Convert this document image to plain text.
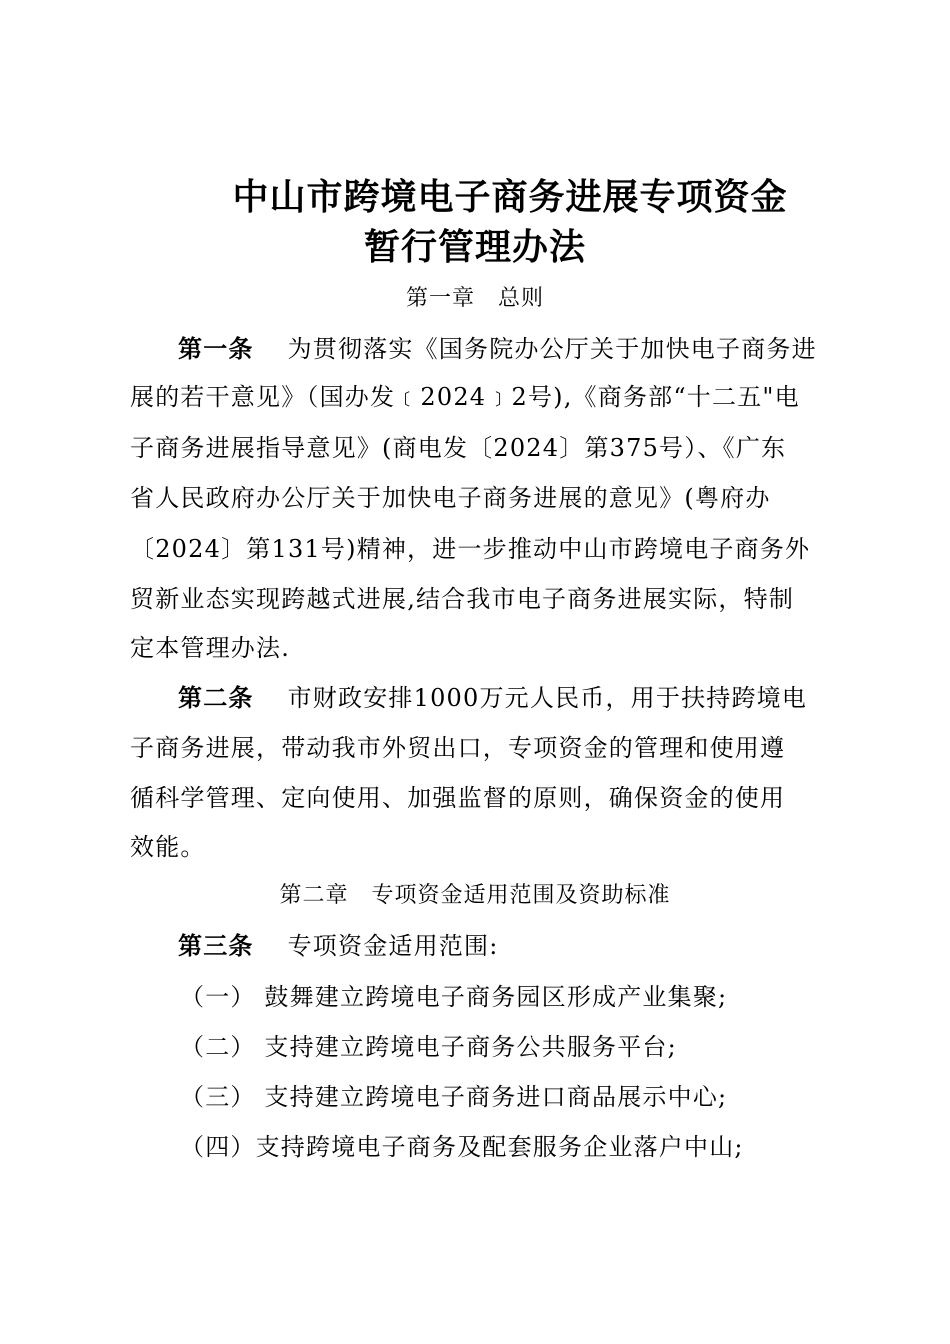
中山市跨境电子商务进展专项资金
暂行管理办法
第一章　总则
第一条 为贯彻落实《国务院办公厅关于加快电子商务进
展的若干意见》（国办发﹝2024﹞2号),《商务部“十二五"电
子商务进展指导意见》(商电发〔2024〕第375号）、《广东
省人民政府办公厅关于加快电子商务进展的意见》(粤府办
〔2024〕第131号)精神，进一步推动中山市跨境电子商务外
贸新业态实现跨越式进展,结合我市电子商务进展实际，特制
定本管理办法.
第二条 市财政安排1000万元人民币，用于扶持跨境电
子商务进展，带动我市外贸出口，专项资金的管理和使用遵
循科学管理、定向使用、加强监督的原则，确保资金的使用
效能。
第二章　专项资金适用范围及资助标准
第三条 专项资金适用范围:
（一） 鼓舞建立跨境电子商务园区形成产业集聚;
（二） 支持建立跨境电子商务公共服务平台;
（三） 支持建立跨境电子商务进口商品展示中心;
（四）支持跨境电子商务及配套服务企业落户中山;
